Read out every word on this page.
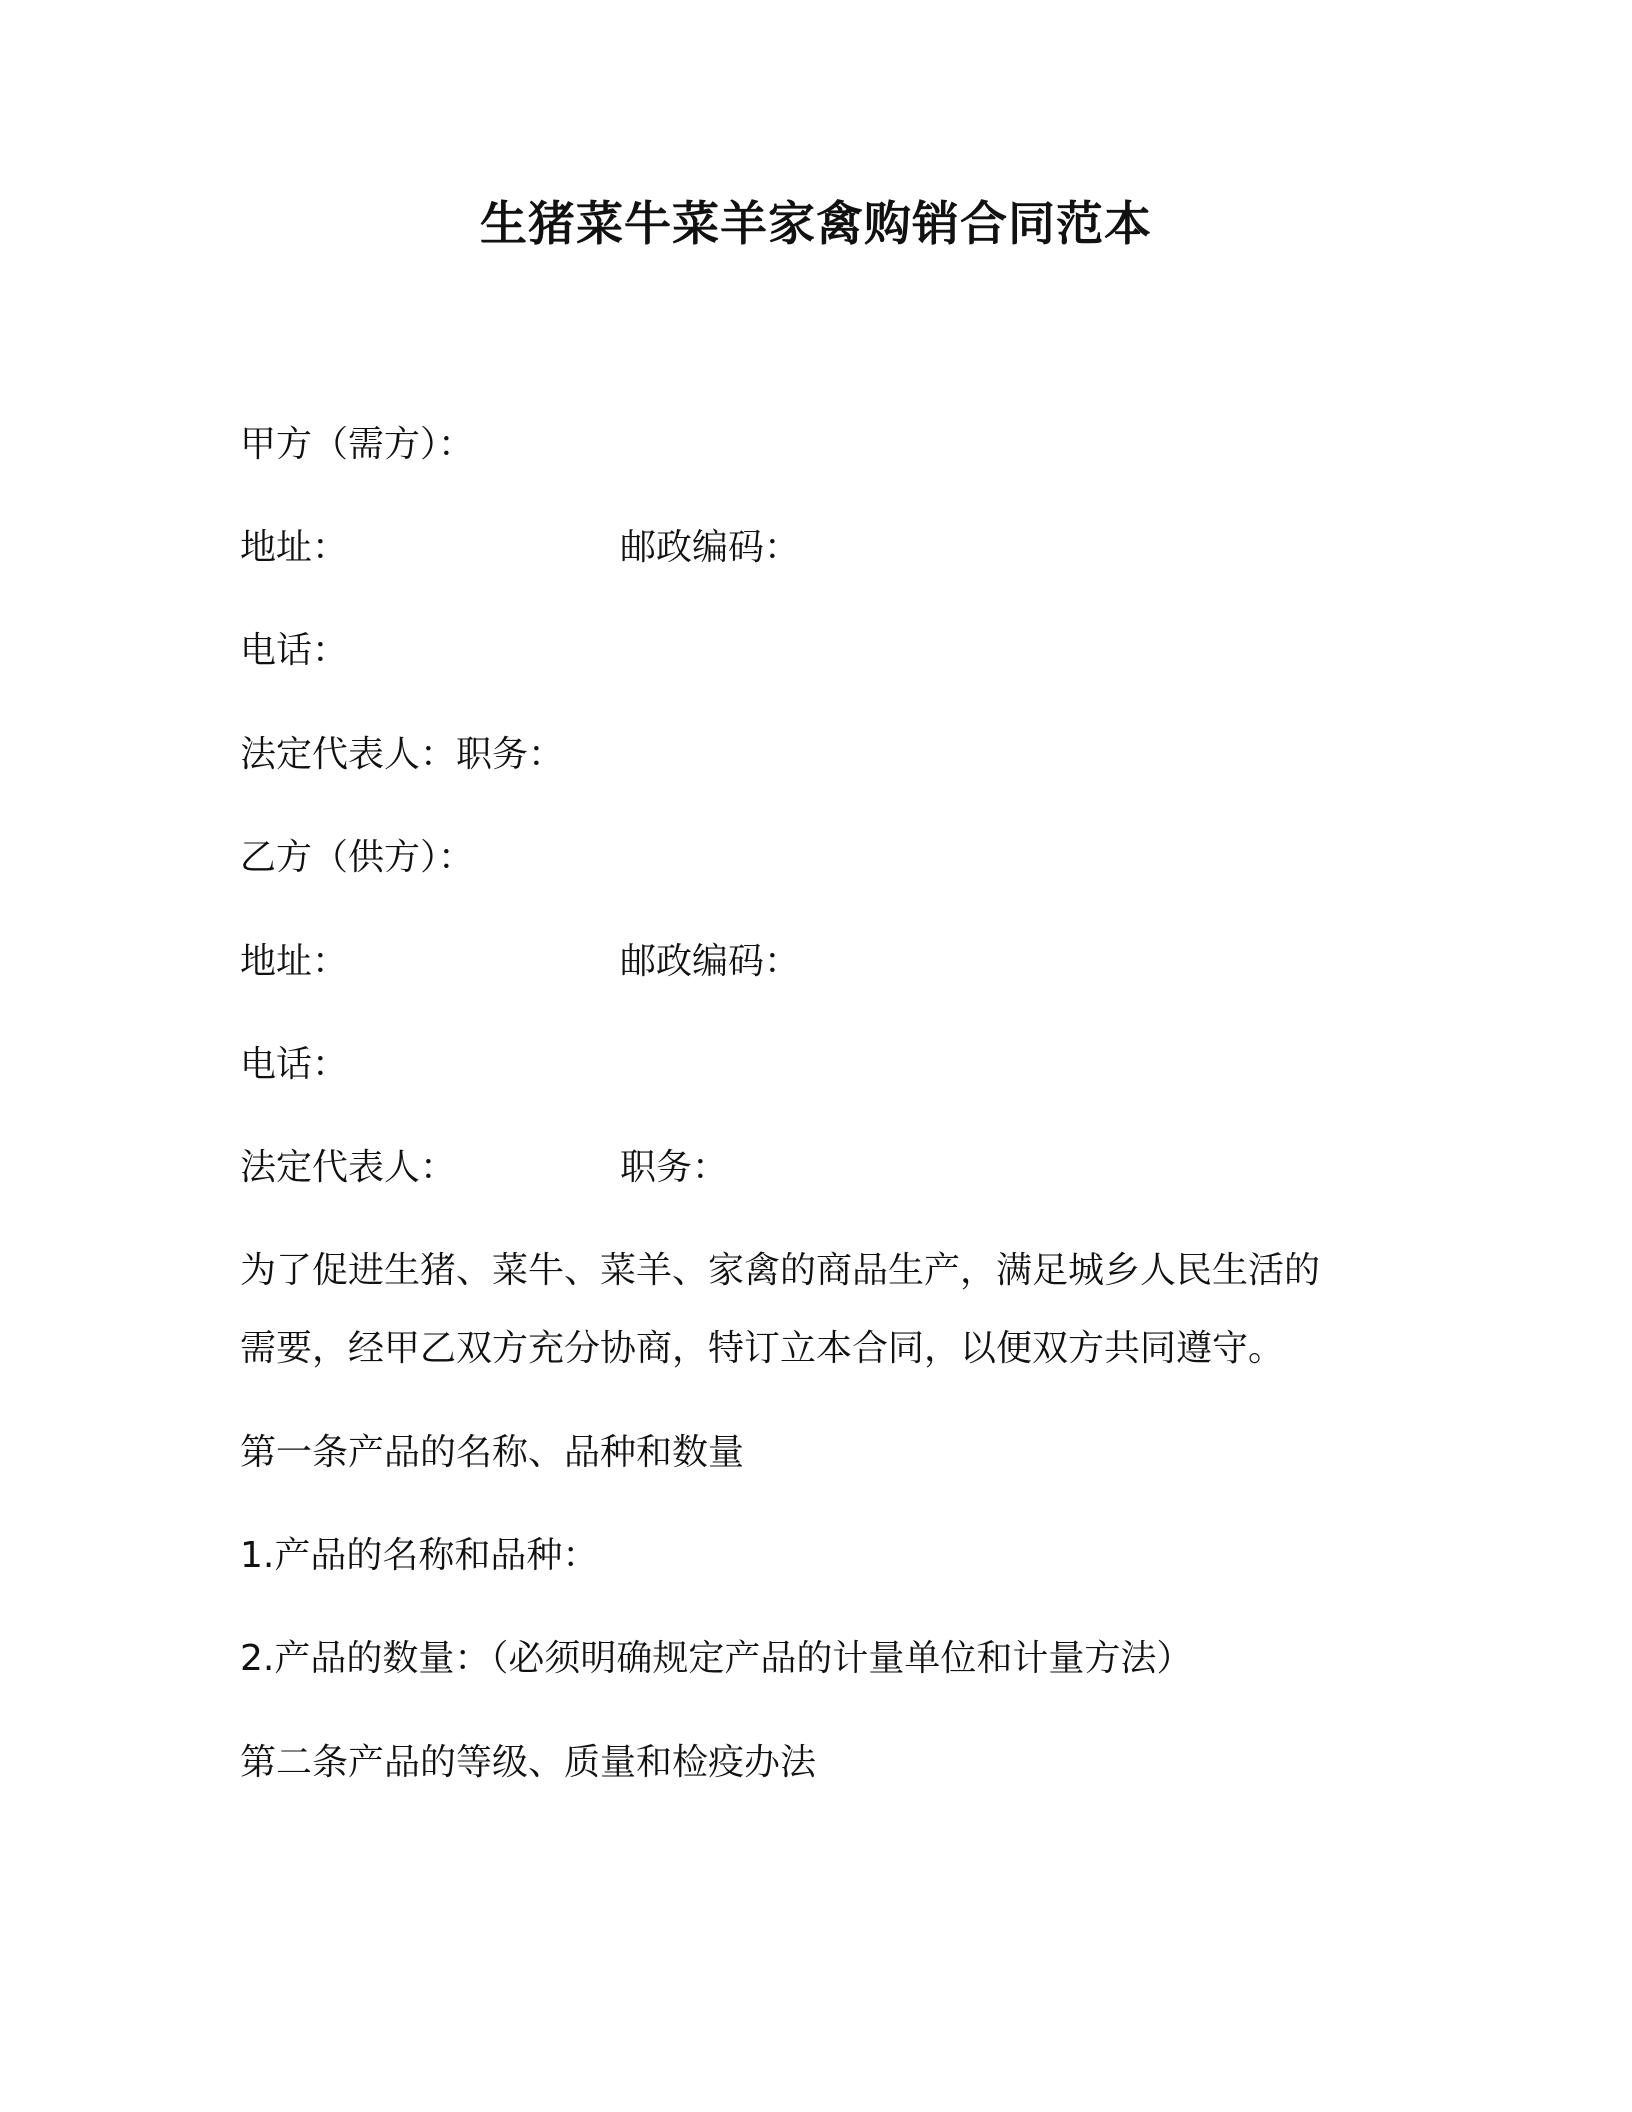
生猪菜牛菜羊家禽购销合同范本
甲方（需方）：
地址：	邮政编码：
电话：
法定代表人：职务：
乙方（供方）：
地址：	邮政编码：
电话：
法定代表人：	职务：
为了促进生猪、菜牛、菜羊、家禽的商品生产，满足城乡人民生活的
需要，经甲乙双方充分协商，特订立本合同，以便双方共同遵守。
第一条产品的名称、品种和数量
1.产品的名称和品种：
2.产品的数量：（必须明确规定产品的计量单位和计量方法）
第二条产品的等级、质量和检疫办法
